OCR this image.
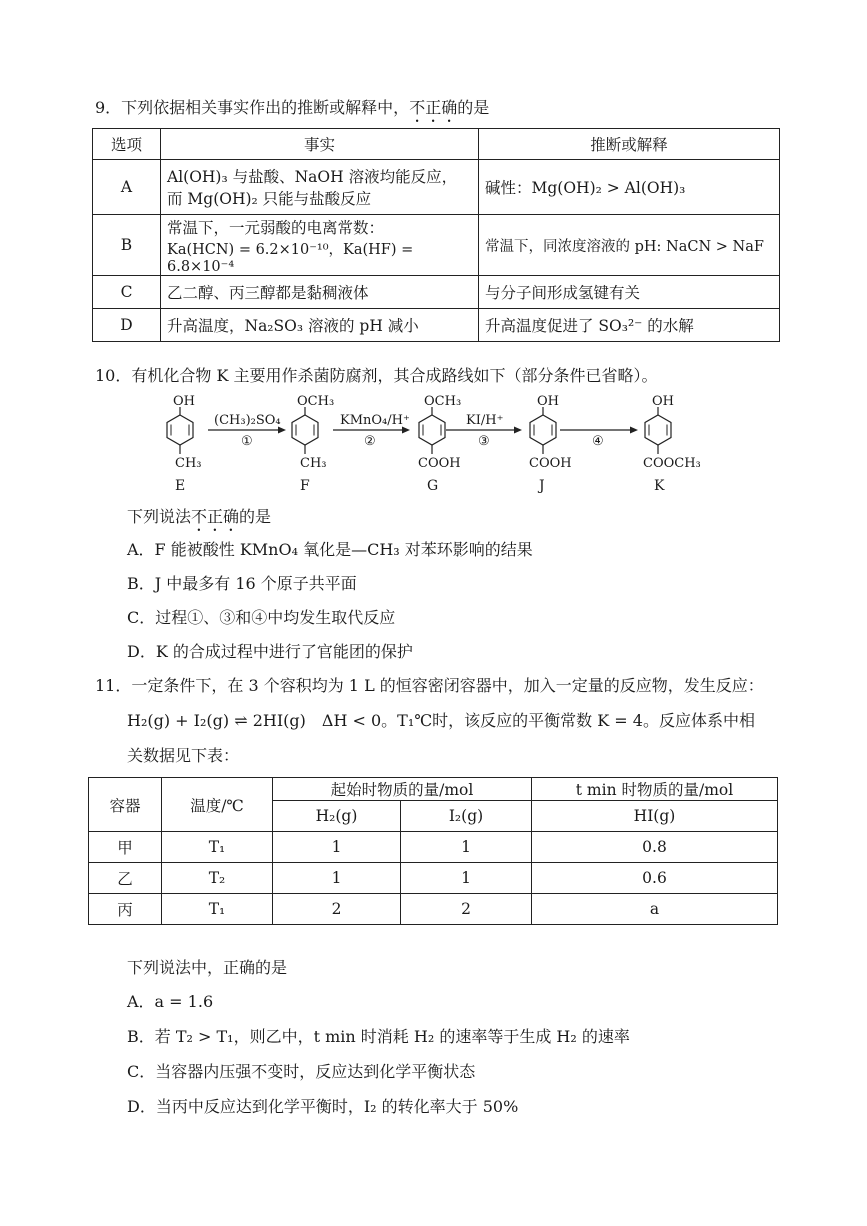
9．下列依据相关事实作出的推断或解释中，不正确的是
选项	事实	推断或解释
A	Al(OH)₃ 与盐酸、NaOH 溶液均能反应，
而 Mg(OH)₂ 只能与盐酸反应	碱性：Mg(OH)₂ > Al(OH)₃
B	常温下，一元弱酸的电离常数：
Ka(HCN) = 6.2×10⁻¹⁰，Ka(HF) = 6.8×10⁻⁴	常温下，同浓度溶液的 pH: NaCN > NaF
C	乙二醇、丙三醇都是黏稠液体	与分子间形成氢键有关
D	升高温度，Na₂SO₃ 溶液的 pH 减小	升高温度促进了 SO₃²⁻ 的水解
10．有机化合物 K 主要用作杀菌防腐剂，其合成路线如下（部分条件已省略）。
OH
CH₃
E
OCH₃
CH₃
F
OCH₃
COOH
G
OH
COOH
J
OH
COOCH₃
K
(CH₃)₂SO₄
①
KMnO₄/H⁺
②
KI/H⁺
③	④
下列说法不正确的是
A．F 能被酸性 KMnO₄ 氧化是—CH₃ 对苯环影响的结果
B．J 中最多有 16 个原子共平面
C．过程①、③和④中均发生取代反应
D．K 的合成过程中进行了官能团的保护
11．一定条件下，在 3 个容积均为 1 L 的恒容密闭容器中，加入一定量的反应物，发生反应：
H₂(g) + I₂(g) ⇌ 2HI(g)　ΔH < 0。T₁℃时，该反应的平衡常数 K = 4。反应体系中相
关数据见下表：
容器	温度/℃	起始时物质的量/mol		t min 时物质的量/mol
		H₂(g)	I₂(g)	HI(g)
甲	T₁	1	1	0.8
乙	T₂	1	1	0.6
丙	T₁	2	2	a
下列说法中，正确的是
A．a = 1.6
B．若 T₂ > T₁，则乙中，t min 时消耗 H₂ 的速率等于生成 H₂ 的速率
C．当容器内压强不变时，反应达到化学平衡状态
D．当丙中反应达到化学平衡时，I₂ 的转化率大于 50%
